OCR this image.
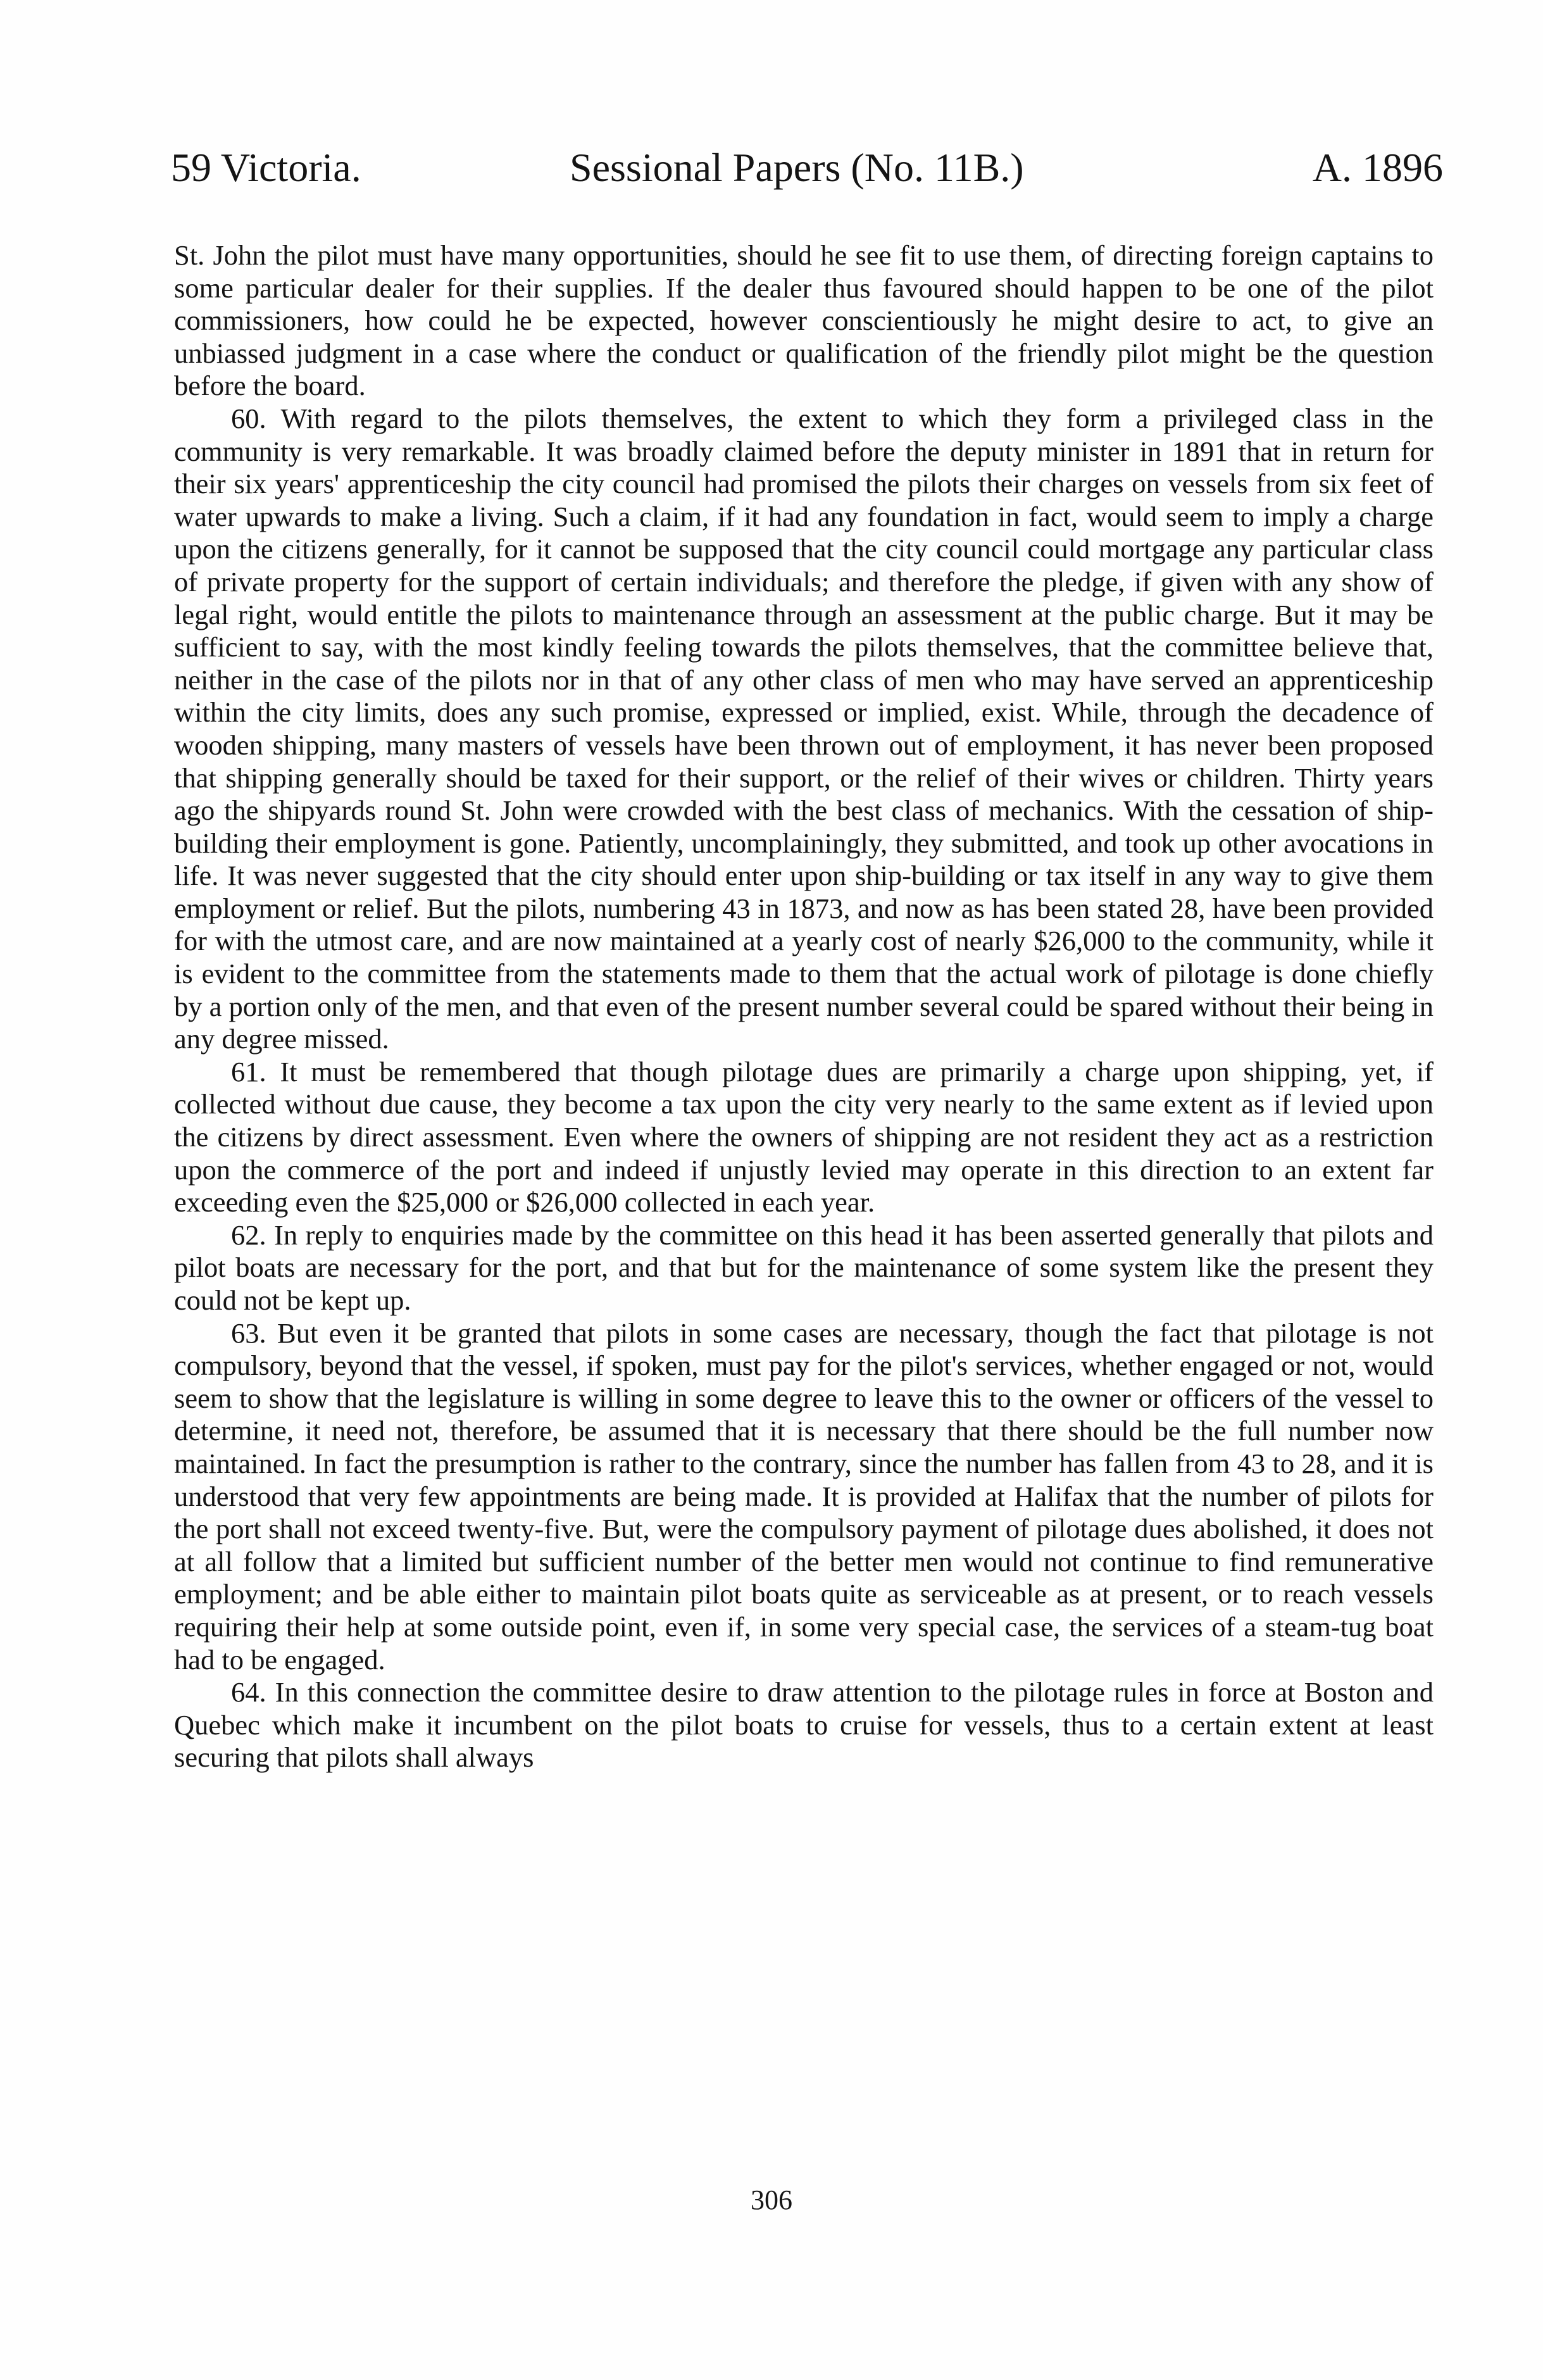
59 Victoria.	Sessional Papers (No. 11B.)	A. 1896

St. John the pilot must have many opportunities, should he see fit to use them, of directing foreign captains to some particular dealer for their supplies. If the dealer thus favoured should happen to be one of the pilot commissioners, how could he be expected, however conscientiously he might desire to act, to give an unbiassed judgment in a case where the conduct or qualification of the friendly pilot might be the question before the board.

60. With regard to the pilots themselves, the extent to which they form a privileged class in the community is very remarkable. It was broadly claimed before the deputy minister in 1891 that in return for their six years' apprenticeship the city council had promised the pilots their charges on vessels from six feet of water upwards to make a living. Such a claim, if it had any foundation in fact, would seem to imply a charge upon the citizens generally, for it cannot be supposed that the city council could mortgage any particular class of private property for the support of certain individuals; and therefore the pledge, if given with any show of legal right, would entitle the pilots to maintenance through an assessment at the public charge. But it may be sufficient to say, with the most kindly feeling towards the pilots themselves, that the committee believe that, neither in the case of the pilots nor in that of any other class of men who may have served an apprenticeship within the city limits, does any such promise, expressed or implied, exist. While, through the decadence of wooden shipping, many masters of vessels have been thrown out of employment, it has never been proposed that shipping generally should be taxed for their support, or the relief of their wives or children. Thirty years ago the shipyards round St. John were crowded with the best class of mechanics. With the cessation of ship-building their employment is gone. Patiently, uncomplainingly, they submitted, and took up other avocations in life. It was never suggested that the city should enter upon ship-building or tax itself in any way to give them employment or relief. But the pilots, numbering 43 in 1873, and now as has been stated 28, have been provided for with the utmost care, and are now maintained at a yearly cost of nearly $26,000 to the community, while it is evident to the committee from the statements made to them that the actual work of pilotage is done chiefly by a portion only of the men, and that even of the present number several could be spared without their being in any degree missed.

61. It must be remembered that though pilotage dues are primarily a charge upon shipping, yet, if collected without due cause, they become a tax upon the city very nearly to the same extent as if levied upon the citizens by direct assessment. Even where the owners of shipping are not resident they act as a restriction upon the commerce of the port and indeed if unjustly levied may operate in this direction to an extent far exceeding even the $25,000 or $26,000 collected in each year.

62. In reply to enquiries made by the committee on this head it has been asserted generally that pilots and pilot boats are necessary for the port, and that but for the maintenance of some system like the present they could not be kept up.

63. But even it be granted that pilots in some cases are necessary, though the fact that pilotage is not compulsory, beyond that the vessel, if spoken, must pay for the pilot's services, whether engaged or not, would seem to show that the legislature is willing in some degree to leave this to the owner or officers of the vessel to determine, it need not, therefore, be assumed that it is necessary that there should be the full number now maintained. In fact the presumption is rather to the contrary, since the number has fallen from 43 to 28, and it is understood that very few appointments are being made. It is provided at Halifax that the number of pilots for the port shall not exceed twenty-five. But, were the compulsory payment of pilotage dues abolished, it does not at all follow that a limited but sufficient number of the better men would not continue to find remunerative employment; and be able either to maintain pilot boats quite as serviceable as at present, or to reach vessels requiring their help at some outside point, even if, in some very special case, the services of a steam-tug boat had to be engaged.

64. In this connection the committee desire to draw attention to the pilotage rules in force at Boston and Quebec which make it incumbent on the pilot boats to cruise for vessels, thus to a certain extent at least securing that pilots shall always

306
